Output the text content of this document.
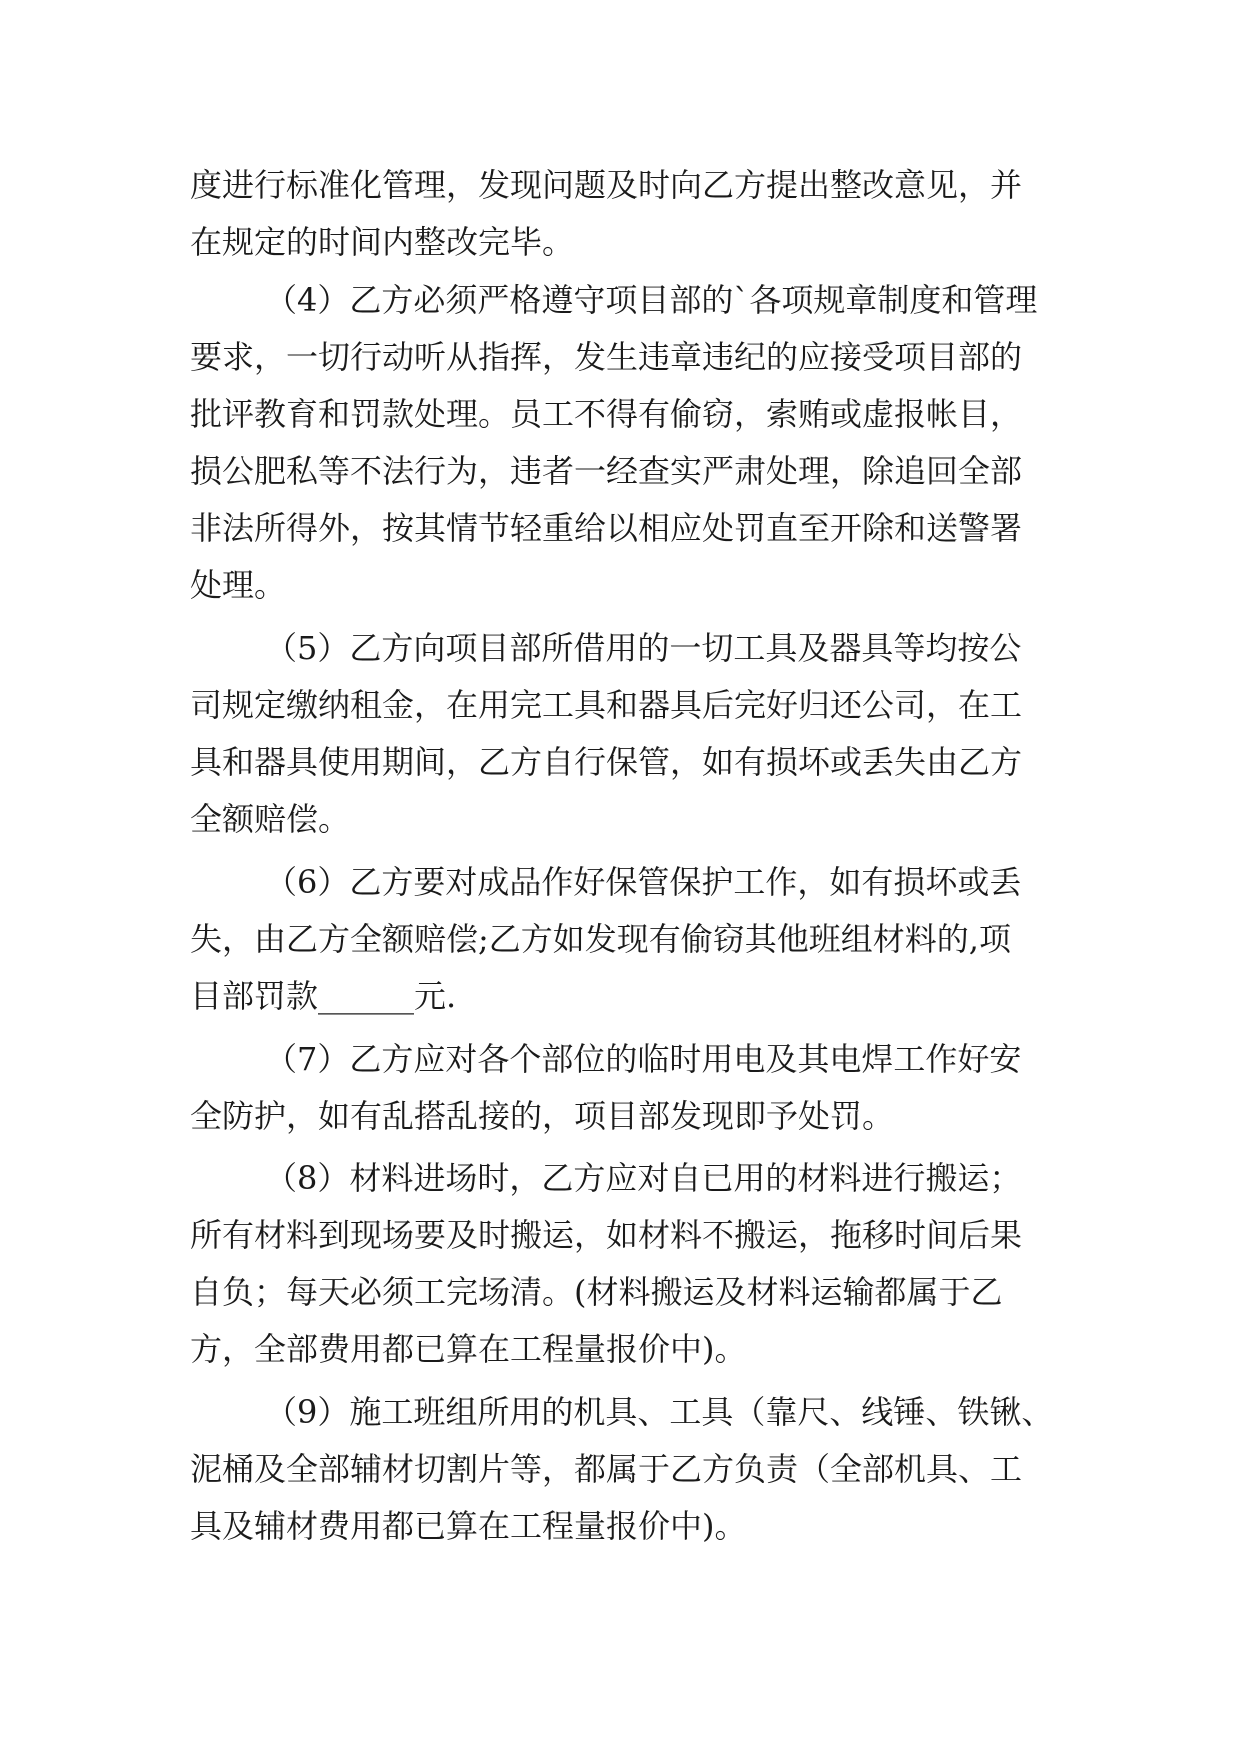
度进行标准化管理，发现问题及时向乙方提出整改意见，并
在规定的时间内整改完毕。
（4）乙方必须严格遵守项目部的`各项规章制度和管理
要求，一切行动听从指挥，发生违章违纪的应接受项目部的
批评教育和罚款处理。员工不得有偷窃，索贿或虚报帐目，
损公肥私等不法行为，违者一经查实严肃处理，除追回全部
非法所得外，按其情节轻重给以相应处罚直至开除和送警署
处理。
（5）乙方向项目部所借用的一切工具及器具等均按公
司规定缴纳租金，在用完工具和器具后完好归还公司，在工
具和器具使用期间，乙方自行保管，如有损坏或丢失由乙方
全额赔偿。
（6）乙方要对成品作好保管保护工作，如有损坏或丢
失，由乙方全额赔偿;乙方如发现有偷窃其他班组材料的,项
目部罚款______元.
（7）乙方应对各个部位的临时用电及其电焊工作好安
全防护，如有乱搭乱接的，项目部发现即予处罚。
（8）材料进场时，乙方应对自已用的材料进行搬运；
所有材料到现场要及时搬运，如材料不搬运，拖移时间后果
自负；每天必须工完场清。(材料搬运及材料运输都属于乙
方，全部费用都已算在工程量报价中)。
（9）施工班组所用的机具、工具（靠尺、线锤、铁锹、
泥桶及全部辅材切割片等，都属于乙方负责（全部机具、工
具及辅材费用都已算在工程量报价中)。
